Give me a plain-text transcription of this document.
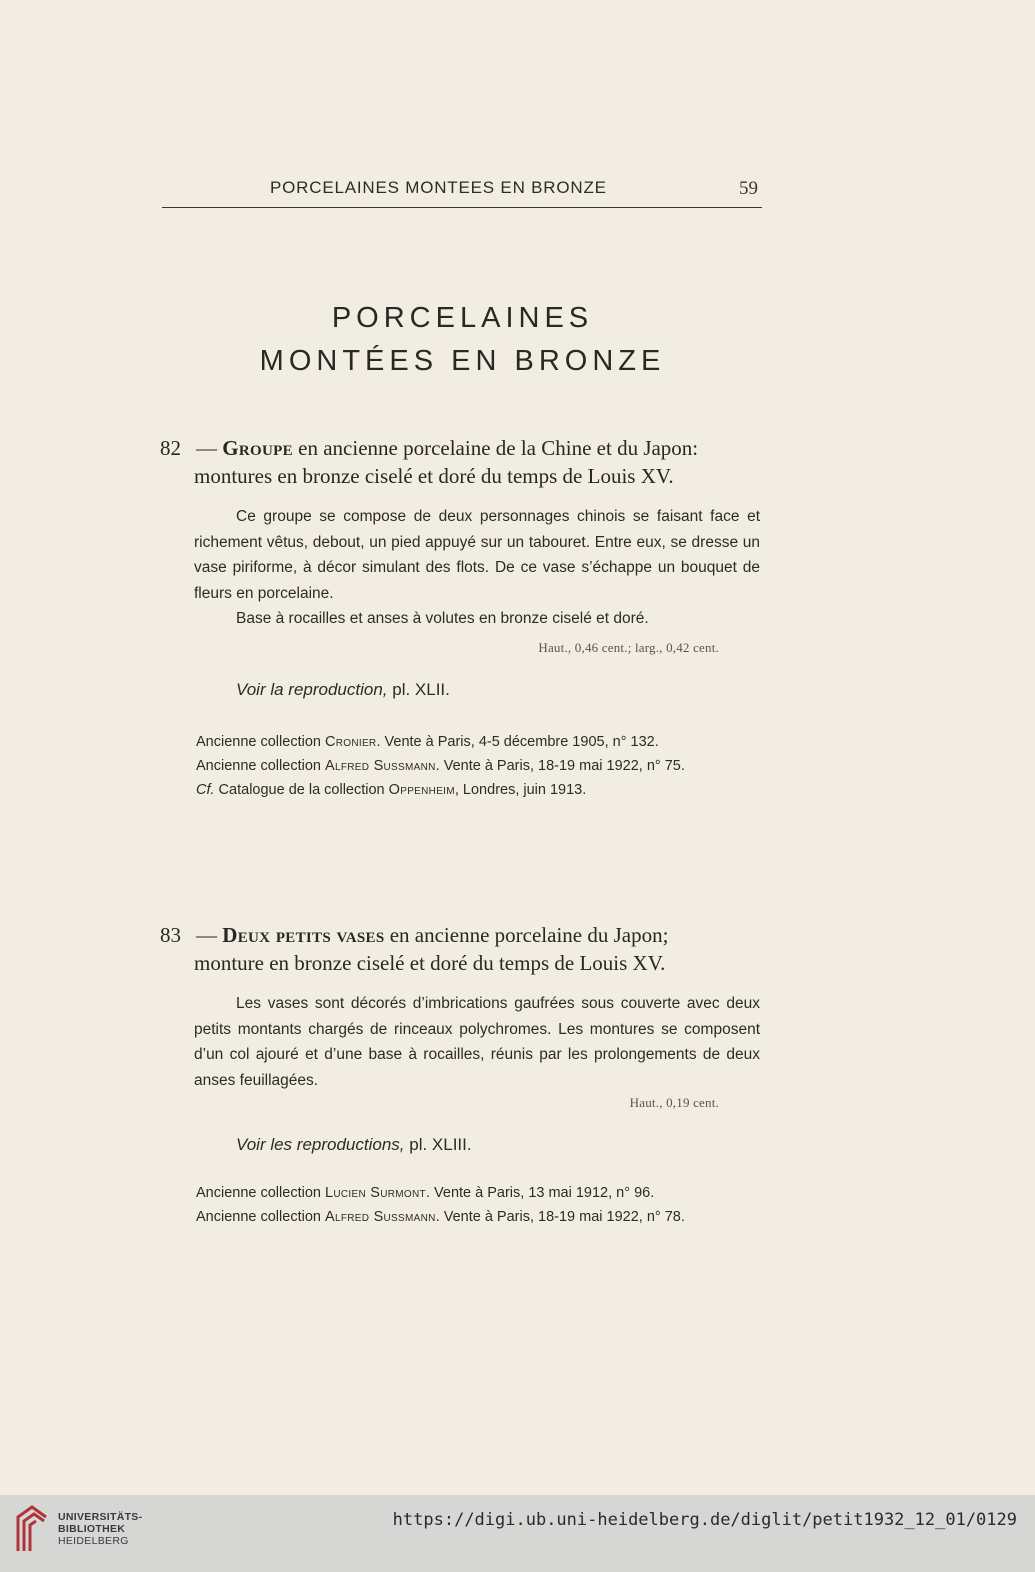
PORCELAINES MONTEES EN BRONZE	59
PORCELAINES
MONTÉES EN BRONZE
82 — Groupe en ancienne porcelaine de la Chine et du Japon:
montures en bronze ciselé et doré du temps de Louis XV.

Ce groupe se compose de deux personnages chinois se faisant face et richement vêtus, debout, un pied appuyé sur un tabouret. Entre eux, se dresse un vase piriforme, à décor simulant des flots. De ce vase s’échappe un bouquet de fleurs en porcelaine.

Base à rocailles et anses à volutes en bronze ciselé et doré.

Haut., 0,46 cent.; larg., 0,42 cent.
Voir la reproduction, pl. XLII.
Ancienne collection Cronier. Vente à Paris, 4-5 décembre 1905, n° 132.
Ancienne collection Alfred Sussmann. Vente à Paris, 18-19 mai 1922, n° 75.
Cf. Catalogue de la collection Oppenheim, Londres, juin 1913.
83 — Deux petits vases en ancienne porcelaine du Japon;
monture en bronze ciselé et doré du temps de Louis XV.

Les vases sont décorés d’imbrications gaufrées sous couverte avec deux petits montants chargés de rinceaux polychromes. Les montures se composent d’un col ajouré et d’une base à rocailles, réunis par les prolongements de deux anses feuillagées.

Haut., 0,19 cent.
Voir les reproductions, pl. XLIII.
Ancienne collection Lucien Surmont. Vente à Paris, 13 mai 1912, n° 96.
Ancienne collection Alfred Sussmann. Vente à Paris, 18-19 mai 1922, n° 78.
UNIVERSITÄTS-
BIBLIOTHEK
HEIDELBERG
https://digi.ub.uni-heidelberg.de/diglit/petit1932_12_01/0129
